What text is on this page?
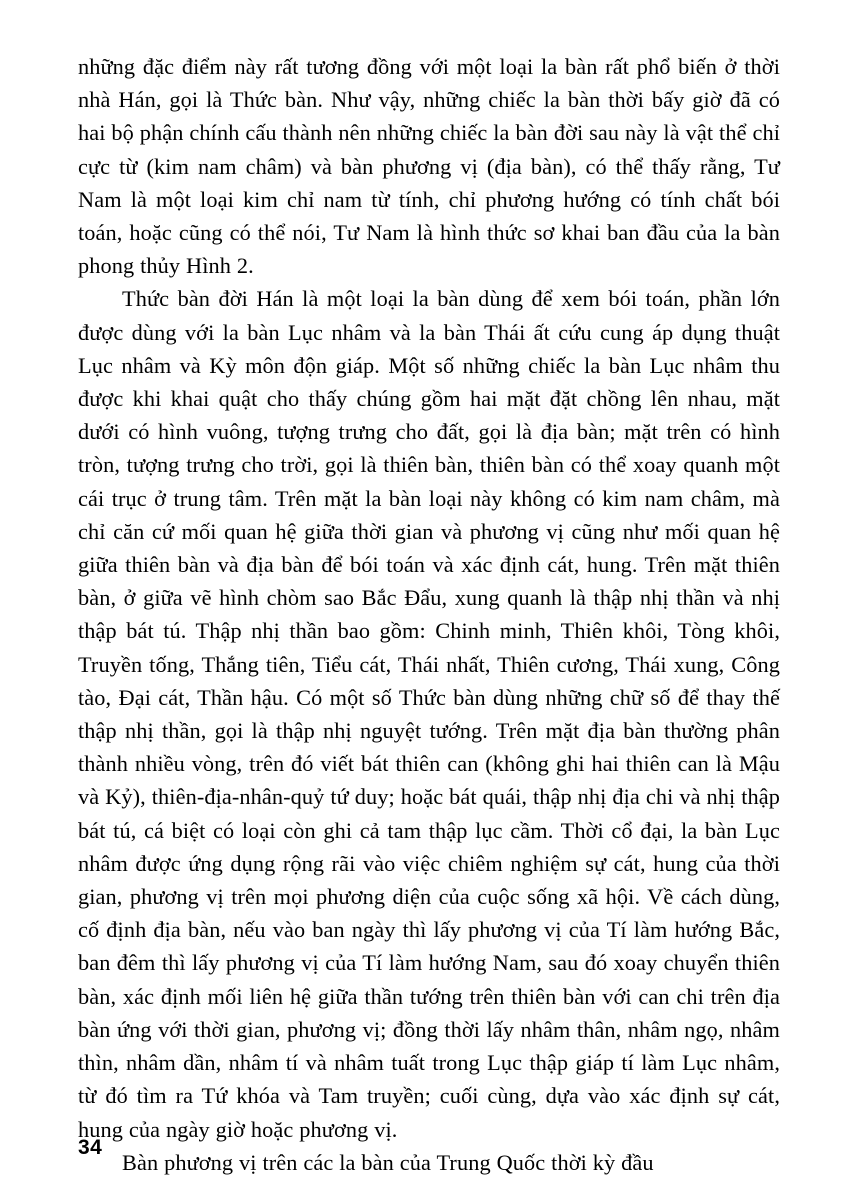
những đặc điểm này rất tương đồng với một loại la bàn rất phổ biến ở thời nhà Hán, gọi là Thức bàn. Như vậy, những chiếc la bàn thời bấy giờ đã có hai bộ phận chính cấu thành nên những chiếc la bàn đời sau này là vật thể chỉ cực từ (kim nam châm) và bàn phương vị (địa bàn), có thể thấy rằng, Tư Nam là một loại kim chỉ nam từ tính, chỉ phương hướng có tính chất bói toán, hoặc cũng có thể nói, Tư Nam là hình thức sơ khai ban đầu của la bàn phong thủy Hình 2.

Thức bàn đời Hán là một loại la bàn dùng để xem bói toán, phần lớn được dùng với la bàn Lục nhâm và la bàn Thái ất cứu cung áp dụng thuật Lục nhâm và Kỳ môn độn giáp. Một số những chiếc la bàn Lục nhâm thu được khi khai quật cho thấy chúng gồm hai mặt đặt chồng lên nhau, mặt dưới có hình vuông, tượng trưng cho đất, gọi là địa bàn; mặt trên có hình tròn, tượng trưng cho trời, gọi là thiên bàn, thiên bàn có thể xoay quanh một cái trục ở trung tâm. Trên mặt la bàn loại này không có kim nam châm, mà chỉ căn cứ mối quan hệ giữa thời gian và phương vị cũng như mối quan hệ giữa thiên bàn và địa bàn để bói toán và xác định cát, hung. Trên mặt thiên bàn, ở giữa vẽ hình chòm sao Bắc Đẩu, xung quanh là thập nhị thần và nhị thập bát tú. Thập nhị thần bao gồm: Chinh minh, Thiên khôi, Tòng khôi, Truyền tống, Thắng tiên, Tiểu cát, Thái nhất, Thiên cương, Thái xung, Công tào, Đại cát, Thần hậu. Có một số Thức bàn dùng những chữ số để thay thế thập nhị thần, gọi là thập nhị nguyệt tướng. Trên mặt địa bàn thường phân thành nhiều vòng, trên đó viết bát thiên can (không ghi hai thiên can là Mậu và Kỷ), thiên-địa-nhân-quỷ tứ duy; hoặc bát quái, thập nhị địa chi và nhị thập bát tú, cá biệt có loại còn ghi cả tam thập lục cầm. Thời cổ đại, la bàn Lục nhâm được ứng dụng rộng rãi vào việc chiêm nghiệm sự cát, hung của thời gian, phương vị trên mọi phương diện của cuộc sống xã hội. Về cách dùng, cố định địa bàn, nếu vào ban ngày thì lấy phương vị của Tí làm hướng Bắc, ban đêm thì lấy phương vị của Tí làm hướng Nam, sau đó xoay chuyển thiên bàn, xác định mối liên hệ giữa thần tướng trên thiên bàn với can chi trên địa bàn ứng với thời gian, phương vị; đồng thời lấy nhâm thân, nhâm ngọ, nhâm thìn, nhâm dần, nhâm tí và nhâm tuất trong Lục thập giáp tí làm Lục nhâm, từ đó tìm ra Tứ khóa và Tam truyền; cuối cùng, dựa vào xác định sự cát, hung của ngày giờ hoặc phương vị.

Bàn phương vị trên các la bàn của Trung Quốc thời kỳ đầu

34
